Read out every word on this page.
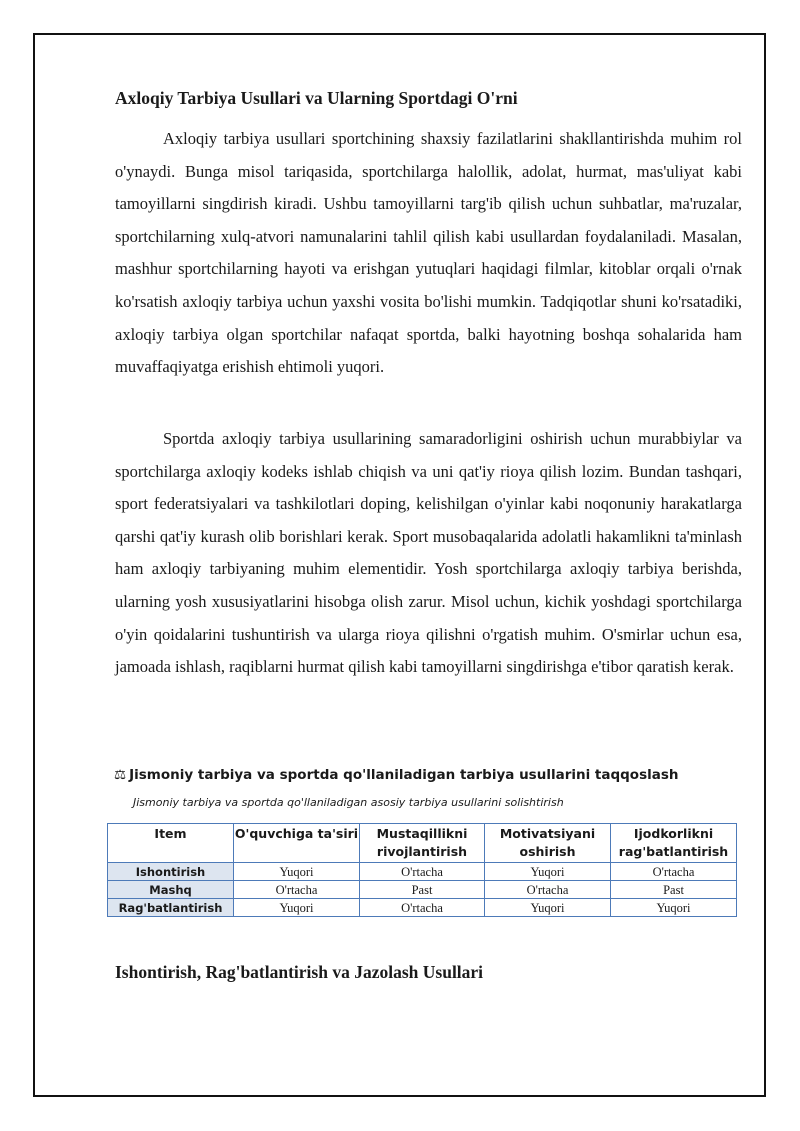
Axloqiy Tarbiya Usullari va Ularning Sportdagi O'rni

Axloqiy tarbiya usullari sportchining shaxsiy fazilatlarini shakllantirishda muhim rol o'ynaydi. Bunga misol tariqasida, sportchilarga halollik, adolat, hurmat, mas'uliyat kabi tamoyillarni singdirish kiradi. Ushbu tamoyillarni targ'ib qilish uchun suhbatlar, ma'ruzalar, sportchilarning xulq-atvori namunalarini tahlil qilish kabi usullardan foydalaniladi. Masalan, mashhur sportchilarning hayoti va erishgan yutuqlari haqidagi filmlar, kitoblar orqali o'rnak ko'rsatish axloqiy tarbiya uchun yaxshi vosita bo'lishi mumkin. Tadqiqotlar shuni ko'rsatadiki, axloqiy tarbiya olgan sportchilar nafaqat sportda, balki hayotning boshqa sohalarida ham muvaffaqiyatga erishish ehtimoli yuqori.

Sportda axloqiy tarbiya usullarining samaradorligini oshirish uchun murabbiylar va sportchilarga axloqiy kodeks ishlab chiqish va uni qat'iy rioya qilish lozim. Bundan tashqari, sport federatsiyalari va tashkilotlari doping, kelishilgan o'yinlar kabi noqonuniy harakatlarga qarshi qat'iy kurash olib borishlari kerak. Sport musobaqalarida adolatli hakamlikni ta'minlash ham axloqiy tarbiyaning muhim elementidir. Yosh sportchilarga axloqiy tarbiya berishda, ularning yosh xususiyatlarini hisobga olish zarur. Misol uchun, kichik yoshdagi sportchilarga o'yin qoidalarini tushuntirish va ularga rioya qilishni o'rgatish muhim. O'smirlar uchun esa, jamoada ishlash, raqiblarni hurmat qilish kabi tamoyillarni singdirishga e'tibor qaratish kerak.

⚖ Jismoniy tarbiya va sportda qo'llaniladigan tarbiya usullarini taqqoslash
Jismoniy tarbiya va sportda qo'llaniladigan asosiy tarbiya usullarini solishtirish
Item	O'quvchiga ta'siri	Mustaqillikni rivojlantirish	Motivatsiyani oshirish	Ijodkorlikni rag'batlantirish
Ishontirish	Yuqori	O'rtacha	Yuqori	O'rtacha
Mashq	O'rtacha	Past	O'rtacha	Past
Rag'batlantirish	Yuqori	O'rtacha	Yuqori	Yuqori
Ishontirish, Rag'batlantirish va Jazolash Usullari
